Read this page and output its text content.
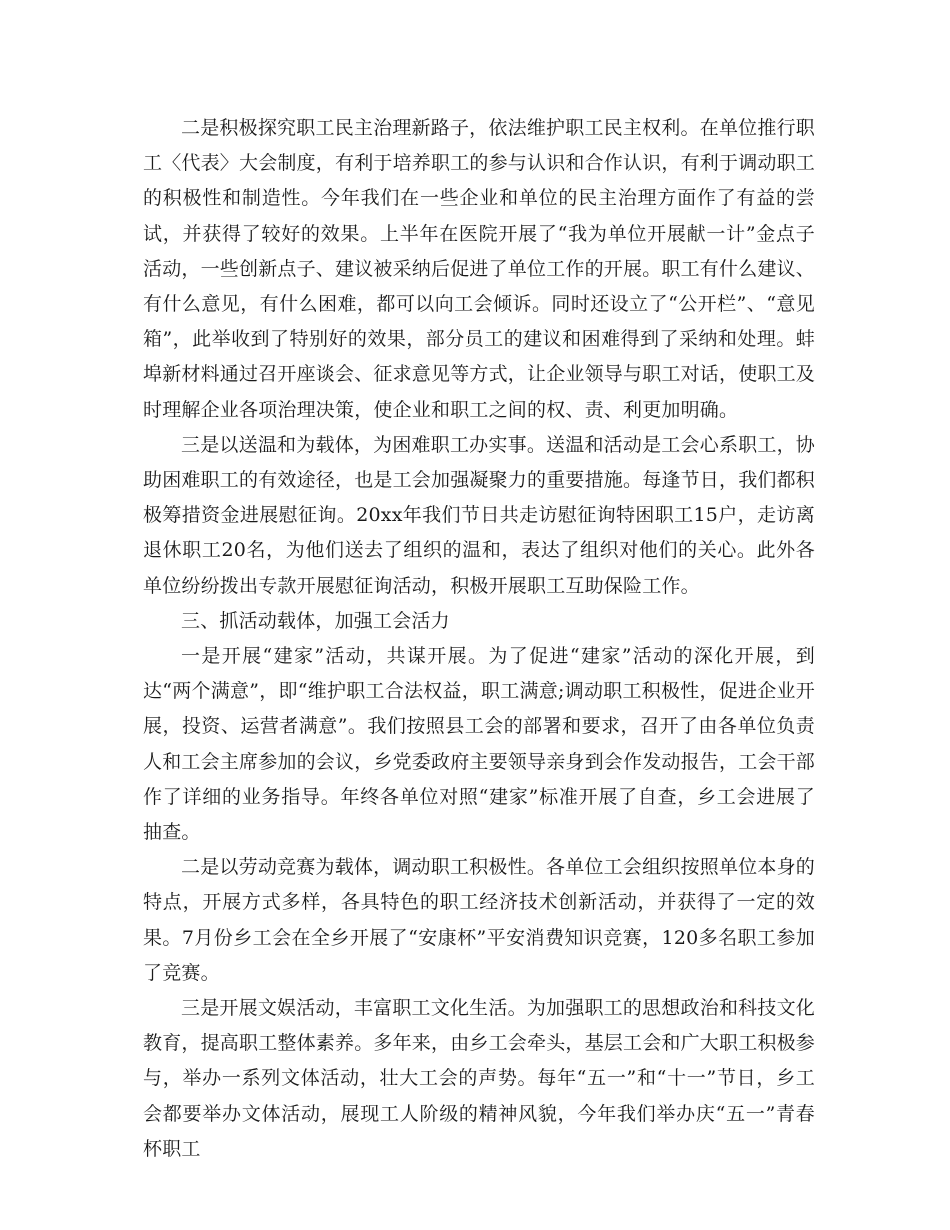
二是积极探究职工民主治理新路子，依法维护职工民主权利。在单位推行职工〈代表〉大会制度，有利于培养职工的参与认识和合作认识，有利于调动职工的积极性和制造性。今年我们在一些企业和单位的民主治理方面作了有益的尝试，并获得了较好的效果。上半年在医院开展了“我为单位开展献一计”金点子活动，一些创新点子、建议被采纳后促进了单位工作的开展。职工有什么建议、有什么意见，有什么困难，都可以向工会倾诉。同时还设立了“公开栏”、“意见箱”，此举收到了特别好的效果，部分员工的建议和困难得到了采纳和处理。蚌埠新材料通过召开座谈会、征求意见等方式，让企业领导与职工对话，使职工及时理解企业各项治理决策，使企业和职工之间的权、责、利更加明确。

三是以送温和为载体，为困难职工办实事。送温和活动是工会心系职工，协助困难职工的有效途径，也是工会加强凝聚力的重要措施。每逢节日，我们都积极筹措资金进展慰征询。20xx年我们节日共走访慰征询特困职工15户，走访离退休职工20名，为他们送去了组织的温和，表达了组织对他们的关心。此外各单位纷纷拨出专款开展慰征询活动，积极开展职工互助保险工作。

三、抓活动载体，加强工会活力

一是开展“建家”活动，共谋开展。为了促进“建家”活动的深化开展，到达“两个满意”，即“维护职工合法权益，职工满意;调动职工积极性，促进企业开展，投资、运营者满意”。我们按照县工会的部署和要求，召开了由各单位负责人和工会主席参加的会议，乡党委政府主要领导亲身到会作发动报告，工会干部作了详细的业务指导。年终各单位对照“建家”标准开展了自查，乡工会进展了抽查。

二是以劳动竞赛为载体，调动职工积极性。各单位工会组织按照单位本身的特点，开展方式多样，各具特色的职工经济技术创新活动，并获得了一定的效果。7月份乡工会在全乡开展了“安康杯”平安消费知识竞赛，120多名职工参加了竞赛。

三是开展文娱活动，丰富职工文化生活。为加强职工的思想政治和科技文化教育，提高职工整体素养。多年来，由乡工会牵头，基层工会和广大职工积极参与，举办一系列文体活动，壮大工会的声势。每年“五一”和“十一”节日，乡工会都要举办文体活动，展现工人阶级的精神风貌，今年我们举办庆“五一”青春杯职工
